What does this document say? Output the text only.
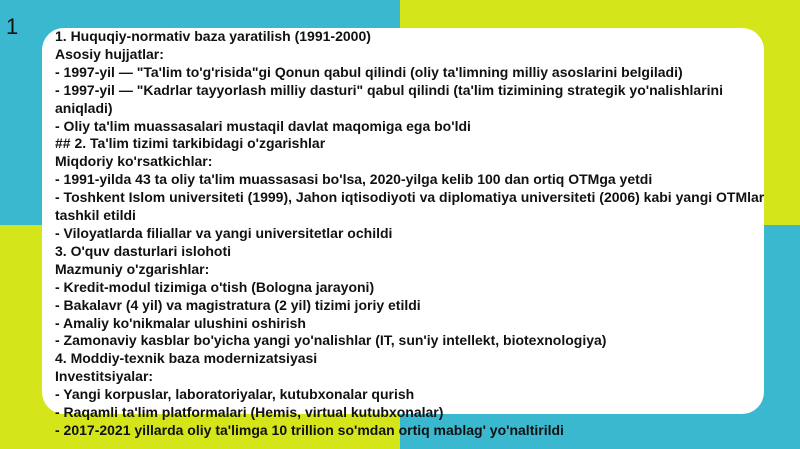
1	1. Huquqiy-normativ baza yaratilish (1991-2000)
Asosiy hujjatlar:
- 1997-yil — "Ta'lim to'g'risida"gi Qonun qabul qilindi (oliy ta'limning milliy asoslarini belgiladi)
- 1997-yil — "Kadrlar tayyorlash milliy dasturi" qabul qilindi (ta'lim tizimining strategik yo'nalishlarini aniqladi)
- Oliy ta'lim muassasalari mustaqil davlat maqomiga ega bo'ldi
## 2. Ta'lim tizimi tarkibidagi o'zgarishlar
Miqdoriy ko'rsatkichlar:
- 1991-yilda 43 ta oliy ta'lim muassasasi bo'lsa, 2020-yilga kelib 100 dan ortiq OTMga yetdi
- Toshkent Islom universiteti (1999), Jahon iqtisodiyoti va diplomatiya universiteti (2006) kabi yangi OTMlar tashkil etildi
- Viloyatlarda filiallar va yangi universitetlar ochildi
3. O'quv dasturlari islohoti
Mazmuniy o'zgarishlar:
- Kredit-modul tizimiga o'tish (Bologna jarayoni)
- Bakalavr (4 yil) va magistratura (2 yil) tizimi joriy etildi
- Amaliy ko'nikmalar ulushini oshirish
- Zamonaviy kasblar bo'yicha yangi yo'nalishlar (IT, sun'iy intellekt, biotexnologiya)
4. Moddiy-texnik baza modernizatsiyasi
Investitsiyalar:
- Yangi korpuslar, laboratoriyalar, kutubxonalar qurish
- Raqamli ta'lim platformalari (Hemis, virtual kutubxonalar)
- 2017-2021 yillarda oliy ta'limga 10 trillion so'mdan ortiq mablag' yo'naltirildi
